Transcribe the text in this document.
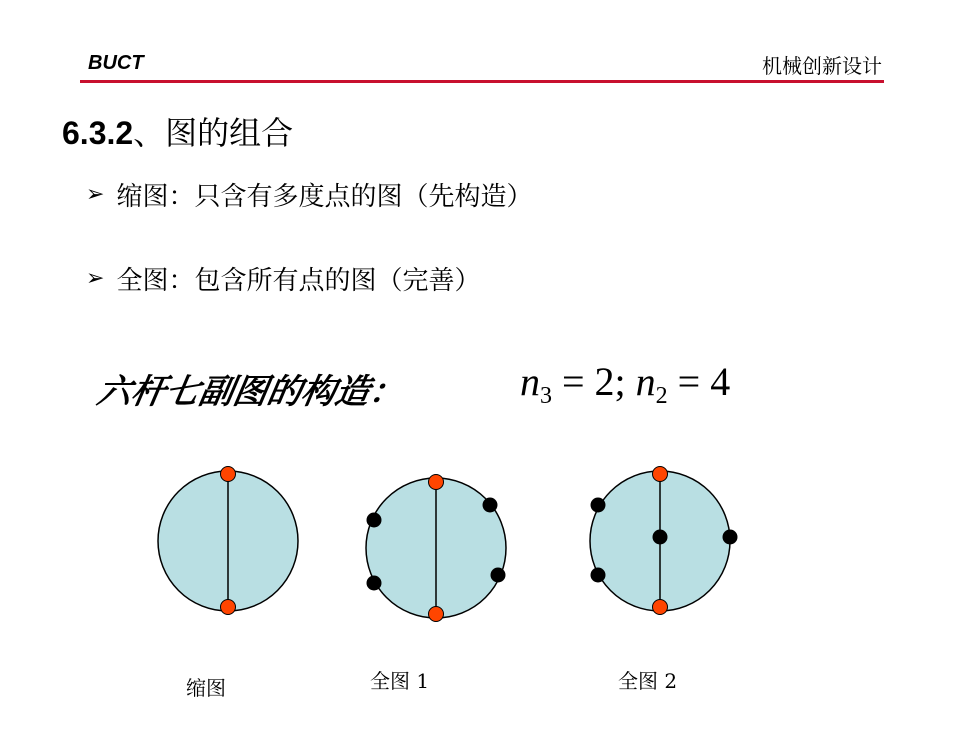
BUCT	机械创新设计
6.3.2、图的组合
➢ 缩图：只含有多度点的图（先构造）
➢ 全图：包含所有点的图（完善）
六杆七副图的构造：	$n_3 = 2$; $n_2 = 4$
缩图	全图 1	全图 2
